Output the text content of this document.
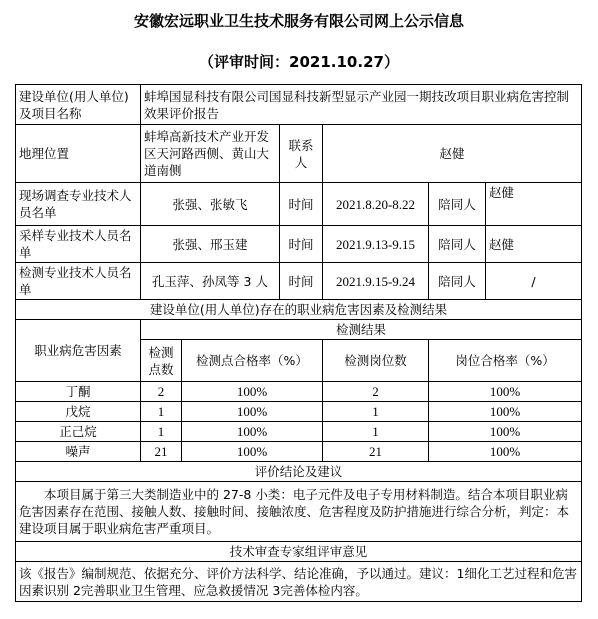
安徽宏远职业卫生技术服务有限公司网上公示信息
（评审时间：2021.10.27）
建设单位(用人单位)及项目名称	蚌埠国显科技有限公司国显科技新型显示产业园一期技改项目职业病危害控制效果评价报告					
地理位置	蚌埠高新技术产业开发区天河路西侧、黄山大道南侧		联系人	赵健		
现场调查专业技术人员名单	张强、张敏飞		时间	2021.8.20-8.22	陪同人	赵健
采样专业技术人员名单	张强、邢玉建		时间	2021.9.13-9.15	陪同人	赵健
检测专业技术人员名单	孔玉萍、孙凤等 3 人		时间	2021.9.15-9.24	陪同人	/
建设单位(用人单位)存在的职业病危害因素及检测结果						
职业病危害因素	检测结果					
	检测点数	检测点合格率（%）		检测岗位数	岗位合格率（%）	
丁酮	2	100%		2	100%	
戊烷	1	100%		1	100%	
正己烷	1	100%		1	100%	
噪声	21	100%		21	100%	
评价结论及建议						
本项目属于第三大类制造业中的 27-8 小类：电子元件及电子专用材料制造。结合本项目职业病危害因素存在范围、接触人数、接触时间、接触浓度、危害程度及防护措施进行综合分析，判定：本建设项目属于职业病危害严重项目。						
技术审查专家组评审意见						
该《报告》编制规范、依据充分、评价方法科学、结论准确，予以通过。建议：1细化工艺过程和危害因素识别 2完善职业卫生管理、应急救援情况 3完善体检内容。						
